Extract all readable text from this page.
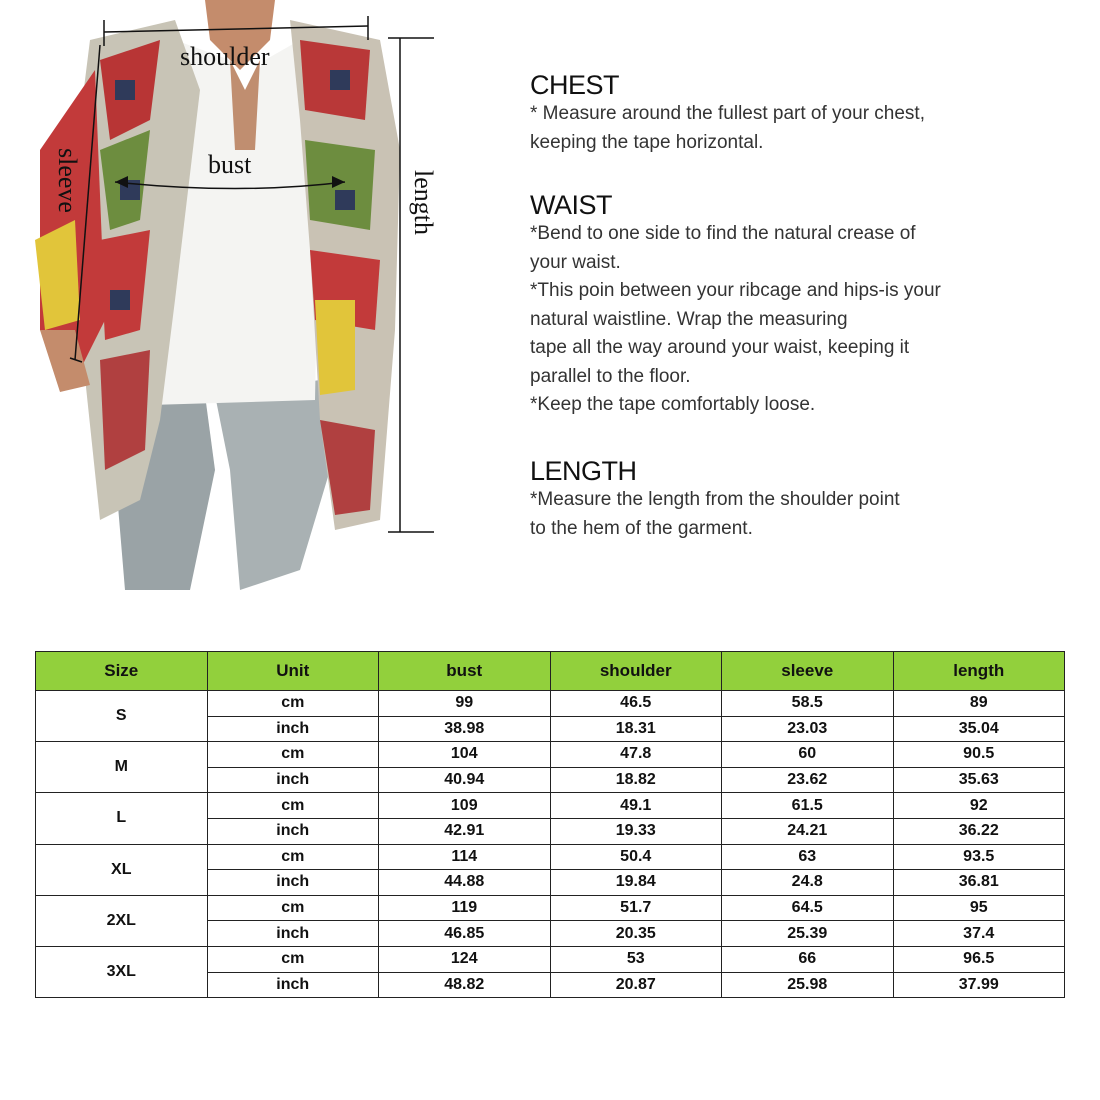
shoulder
bust
sleeve	length

CHEST

* Measure around the fullest part of your chest,
keeping the tape horizontal.

WAIST

*Bend to one side to find the natural crease of
your waist.
*This poin between your ribcage and hips-is your
natural waistline. Wrap the measuring
tape all the way around your waist, keeping it
parallel to the floor.
*Keep the tape comfortably loose.

LENGTH

*Measure the length from the shoulder point
to the hem of the garment.

Size	Unit	bust	shoulder	sleeve	length
S	cm	99	46.5	58.5	89
	inch	38.98	18.31	23.03	35.04
M	cm	104	47.8	60	90.5
	inch	40.94	18.82	23.62	35.63
L	cm	109	49.1	61.5	92
	inch	42.91	19.33	24.21	36.22
XL	cm	114	50.4	63	93.5
	inch	44.88	19.84	24.8	36.81
2XL	cm	119	51.7	64.5	95
	inch	46.85	20.35	25.39	37.4
3XL	cm	124	53	66	96.5
	inch	48.82	20.87	25.98	37.99
